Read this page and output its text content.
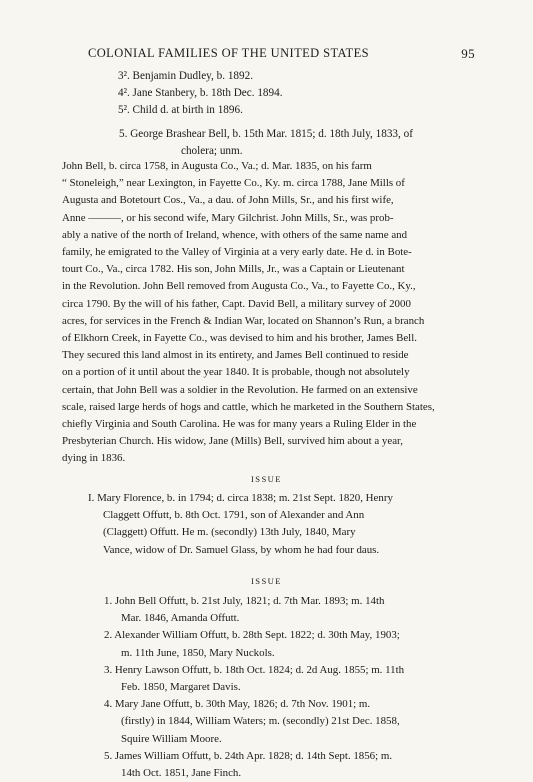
COLONIAL FAMILIES OF THE UNITED STATES	95
3². Benjamin Dudley, b. 1892.
4². Jane Stanbery, b. 18th Dec. 1894.
5². Child d. at birth in 1896.
5. George Brashear Bell, b. 15th Mar. 1815; d. 18th July, 1833, of
cholera; unm.
John Bell, b. circa 1758, in Augusta Co., Va.; d. Mar. 1835, on his farm
“ Stoneleigh,” near Lexington, in Fayette Co., Ky. m. circa 1788, Jane Mills of
Augusta and Botetourt Cos., Va., a dau. of John Mills, Sr., and his first wife,
Anne ———, or his second wife, Mary Gilchrist. John Mills, Sr., was prob-
ably a native of the north of Ireland, whence, with others of the same name and
family, he emigrated to the Valley of Virginia at a very early date. He d. in Bote-
tourt Co., Va., circa 1782. His son, John Mills, Jr., was a Captain or Lieutenant
in the Revolution. John Bell removed from Augusta Co., Va., to Fayette Co., Ky.,
circa 1790. By the will of his father, Capt. David Bell, a military survey of 2000
acres, for services in the French & Indian War, located on Shannon’s Run, a branch
of Elkhorn Creek, in Fayette Co., was devised to him and his brother, James Bell.
They secured this land almost in its entirety, and James Bell continued to reside
on a portion of it until about the year 1840. It is probable, though not absolutely
certain, that John Bell was a soldier in the Revolution. He farmed on an extensive
scale, raised large herds of hogs and cattle, which he marketed in the Southern States,
chiefly Virginia and South Carolina. He was for many years a Ruling Elder in the
Presbyterian Church. His widow, Jane (Mills) Bell, survived him about a year,
dying in 1836.
ISSUE
I. Mary Florence, b. in 1794; d. circa 1838; m. 21st Sept. 1820, Henry
Claggett Offutt, b. 8th Oct. 1791, son of Alexander and Ann
(Claggett) Offutt. He m. (secondly) 13th July, 1840, Mary
Vance, widow of Dr. Samuel Glass, by whom he had four daus.
ISSUE
1. John Bell Offutt, b. 21st July, 1821; d. 7th Mar. 1893; m. 14th
Mar. 1846, Amanda Offutt.
2. Alexander William Offutt, b. 28th Sept. 1822; d. 30th May, 1903;
m. 11th June, 1850, Mary Nuckols.
3. Henry Lawson Offutt, b. 18th Oct. 1824; d. 2d Aug. 1855; m. 11th
Feb. 1850, Margaret Davis.
4. Mary Jane Offutt, b. 30th May, 1826; d. 7th Nov. 1901; m.
(firstly) in 1844, William Waters; m. (secondly) 21st Dec. 1858,
Squire William Moore.
5. James William Offutt, b. 24th Apr. 1828; d. 14th Sept. 1856; m.
14th Oct. 1851, Jane Finch.
